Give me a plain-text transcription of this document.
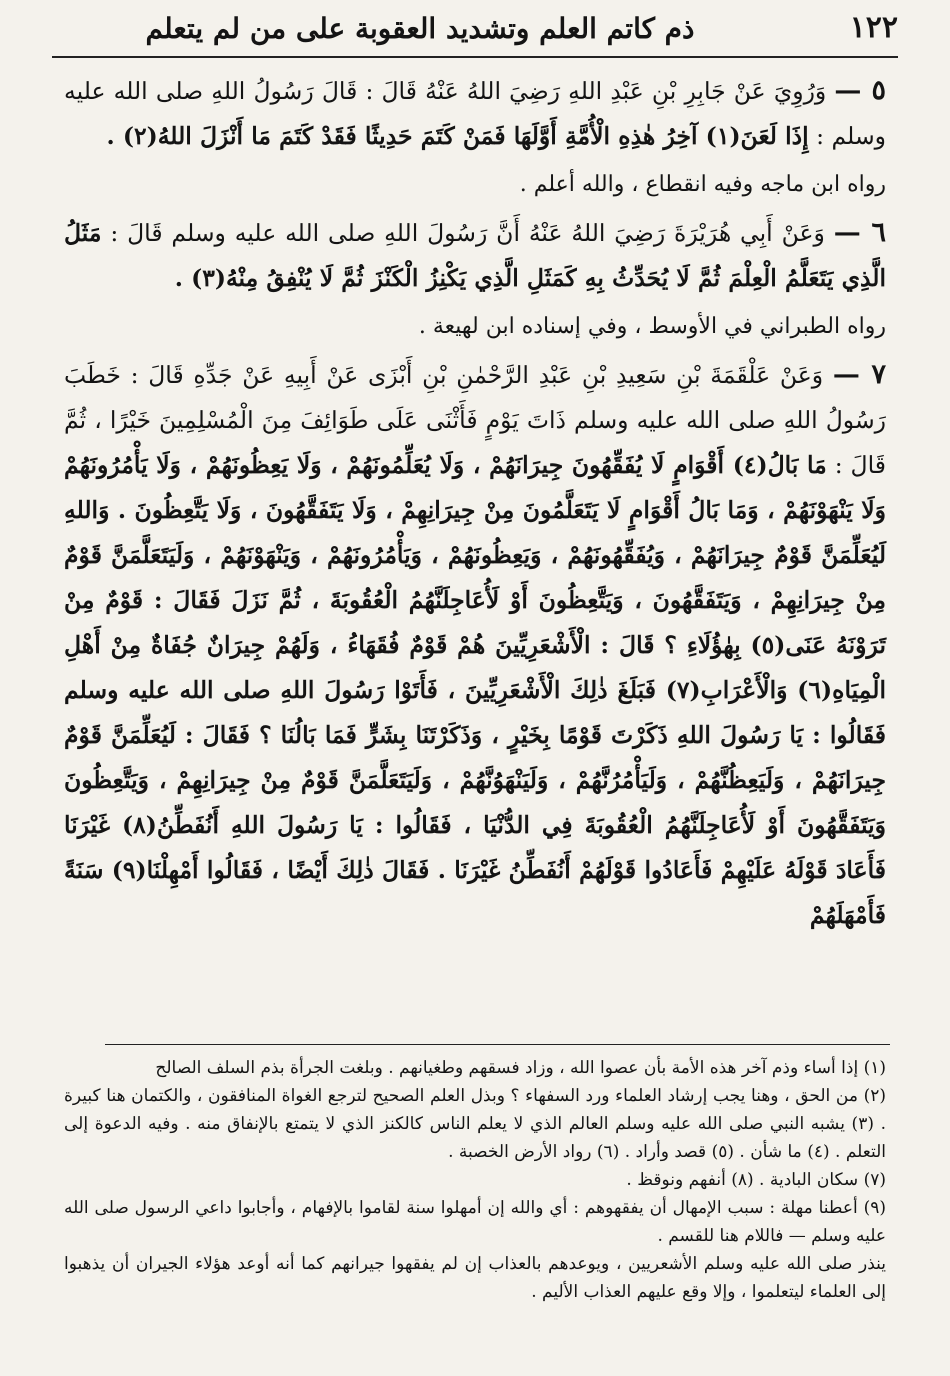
١٢٢
ذم كاتم العلم وتشديد العقوبة على من لم يتعلم

٥ — وَرُوِيَ عَنْ جَابِرِ بْنِ عَبْدِ اللهِ رَضِيَ اللهُ عَنْهُ قَالَ : قَالَ رَسُولُ اللهِ صلى الله عليه وسلم : إِذَا لَعَنَ(١) آخِرُ هٰذِهِ الْأُمَّةِ أَوَّلَهَا فَمَنْ كَتَمَ حَدِيثًا فَقَدْ كَتَمَ مَا أَنْزَلَ اللهُ(٢) .

رواه ابن ماجه وفيه انقطاع ، والله أعلم .

٦ — وَعَنْ أَبِي هُرَيْرَةَ رَضِيَ اللهُ عَنْهُ أَنَّ رَسُولَ اللهِ صلى الله عليه وسلم قَالَ : مَثَلُ الَّذِي يَتَعَلَّمُ الْعِلْمَ ثُمَّ لَا يُحَدِّثُ بِهِ كَمَثَلِ الَّذِي يَكْنِزُ الْكَنْزَ ثُمَّ لَا يُنْفِقُ مِنْهُ(٣) .

رواه الطبراني في الأوسط ، وفي إسناده ابن لهيعة .

٧ — وَعَنْ عَلْقَمَةَ بْنِ سَعِيدِ بْنِ عَبْدِ الرَّحْمٰنِ بْنِ أَبْزَى عَنْ أَبِيهِ عَنْ جَدِّهِ قَالَ : خَطَبَ رَسُولُ اللهِ صلى الله عليه وسلم ذَاتَ يَوْمٍ فَأَثْنَى عَلَى طَوَائِفَ مِنَ الْمُسْلِمِينَ خَيْرًا ، ثُمَّ قَالَ : مَا بَالُ(٤) أَقْوَامٍ لَا يُفَقِّهُونَ جِيرَانَهُمْ ، وَلَا يُعَلِّمُونَهُمْ ، وَلَا يَعِظُونَهُمْ ، وَلَا يَأْمُرُونَهُمْ وَلَا يَنْهَوْنَهُمْ ، وَمَا بَالُ أَقْوَامٍ لَا يَتَعَلَّمُونَ مِنْ جِيرَانِهِمْ ، وَلَا يَتَفَقَّهُونَ ، وَلَا يَتَّعِظُونَ . وَاللهِ لَيُعَلِّمَنَّ قَوْمٌ جِيرَانَهُمْ ، وَيُفَقِّهُونَهُمْ ، وَيَعِظُونَهُمْ ، وَيَأْمُرُونَهُمْ ، وَيَنْهَوْنَهُمْ ، وَلَيَتَعَلَّمَنَّ قَوْمٌ مِنْ جِيرَانِهِمْ ، وَيَتَفَقَّهُونَ ، وَيَتَّعِظُونَ أَوْ لَأُعَاجِلَنَّهُمُ الْعُقُوبَةَ ، ثُمَّ نَزَلَ فَقَالَ : قَوْمٌ مِنْ تَرَوْنَهُ عَنَى(٥) بِهٰؤُلَاءِ ؟ قَالَ : الْأَشْعَرِيِّينَ هُمْ قَوْمٌ فُقَهَاءُ ، وَلَهُمْ جِيرَانٌ جُفَاةٌ مِنْ أَهْلِ الْمِيَاهِ(٦) وَالْأَعْرَابِ(٧) فَبَلَغَ ذٰلِكَ الْأَشْعَرِيِّينَ ، فَأَتَوْا رَسُولَ اللهِ صلى الله عليه وسلم فَقَالُوا : يَا رَسُولَ اللهِ ذَكَرْتَ قَوْمًا بِخَيْرٍ ، وَذَكَرْتَنَا بِشَرٍّ فَمَا بَالُنَا ؟ فَقَالَ : لَيُعَلِّمَنَّ قَوْمٌ جِيرَانَهُمْ ، وَلَيَعِظُنَّهُمْ ، وَلَيَأْمُرُنَّهُمْ ، وَلَيَنْهَوُنَّهُمْ ، وَلَيَتَعَلَّمَنَّ قَوْمٌ مِنْ جِيرَانِهِمْ ، وَيَتَّعِظُونَ وَيَتَفَقَّهُونَ أَوْ لَأُعَاجِلَنَّهُمُ الْعُقُوبَةَ فِي الدُّنْيَا ، فَقَالُوا : يَا رَسُولَ اللهِ أَنُفَطِّنُ(٨) غَيْرَنَا فَأَعَادَ قَوْلَهُ عَلَيْهِمْ فَأَعَادُوا قَوْلَهُمْ أَنُفَطِّنُ غَيْرَنَا . فَقَالَ ذٰلِكَ أَيْضًا ، فَقَالُوا أَمْهِلْنَا(٩) سَنَةً فَأَمْهَلَهُمْ

(١) إذا أساء وذم آخر هذه الأمة بأن عصوا الله ، وزاد فسقهم وطغيانهم . وبلغت الجرأة بذم السلف الصالح

(٢) من الحق ، وهنا يجب إرشاد العلماء ورد السفهاء ؟ وبذل العلم الصحيح لترجع الغواة المنافقون ، والكتمان هنا كبيرة . (٣) يشبه النبي صلى الله عليه وسلم العالم الذي لا يعلم الناس كالكنز الذي لا يتمتع بالإنفاق منه . وفيه الدعوة إلى التعلم . (٤) ما شأن . (٥) قصد وأراد . (٦) رواد الأرض الخصبة .

(٧) سكان البادية . (٨) أنفهم ونوقظ .

(٩) أعطنا مهلة : سبب الإمهال أن يفقهوهم : أي والله إن أمهلوا سنة لقاموا بالإفهام ، وأجابوا داعي الرسول صلى الله عليه وسلم — فاللام هنا للقسم .

ينذر صلى الله عليه وسلم الأشعريين ، ويوعدهم بالعذاب إن لم يفقهوا جيرانهم كما أنه أوعد هؤلاء الجيران أن يذهبوا إلى العلماء ليتعلموا ، وإلا وقع عليهم العذاب الأليم .
